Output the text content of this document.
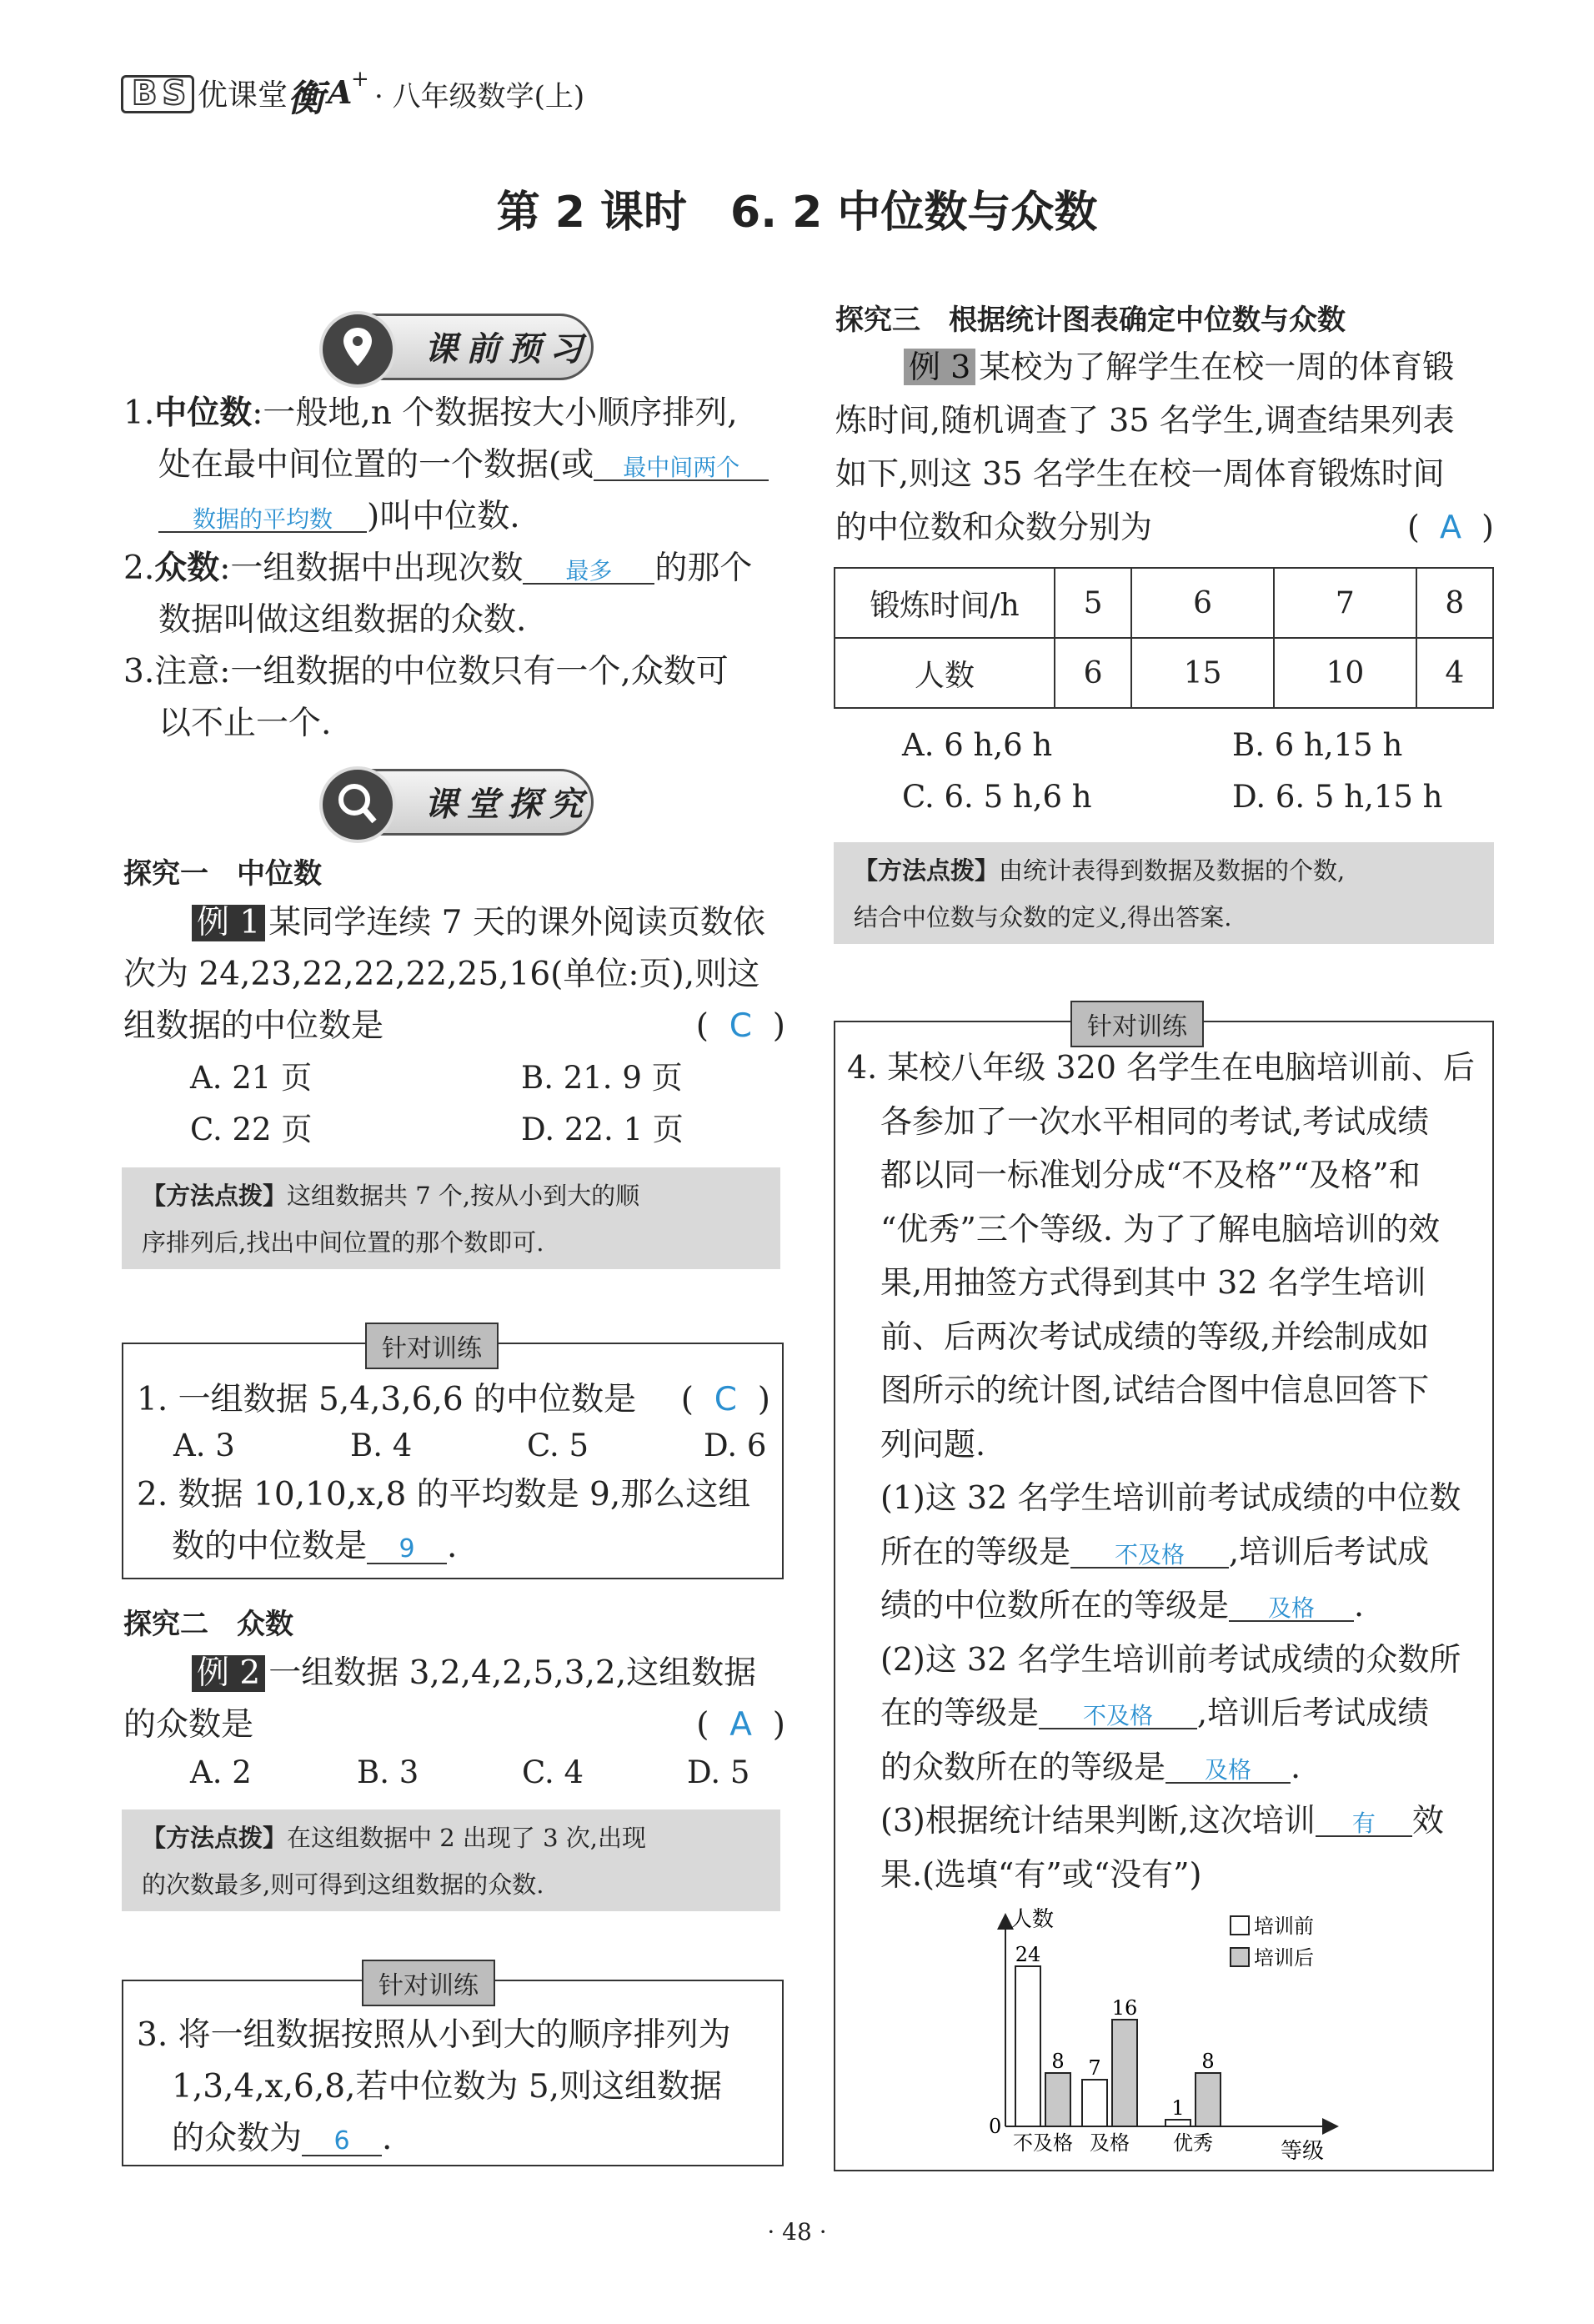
BS 优课堂 衡 A
+
· 八年级数学(上)
第 2 课时　6. 2 中位数与众数
课前预习
1.中位数:一般地,n 个数据按大小顺序排列,
处在最中间位置的一个数据(或 最中间两个
数据的平均数 )叫中位数.
2.众数:一组数据中出现次数 最多 的那个
数据叫做这组数据的众数.
3.注意:一组数据的中位数只有一个,众数可
以不止一个.
课堂探究
探究一　中位数
例 1 某同学连续 7 天的课外阅读页数依
次为 24,23,22,22,22,25,16(单位:页),则这
组数据的中位数是	(  C  )
A. 21 页	B. 21. 9 页
C. 22 页	D. 22. 1 页
【方法点拨】这组数据共 7 个,按从小到大的顺
序排列后,找出中间位置的那个数即可.
针对训练
1. 一组数据 5,4,3,6,6 的中位数是 (  C  )
A. 3	B. 4	C. 5	D. 6
2. 数据 10,10,x,8 的平均数是 9,那么这组
数的中位数是 9 .
探究二　众数
例 2 一组数据 3,2,4,2,5,3,2,这组数据
的众数是	(  A  )
A. 2	B. 3	C. 4	D. 5
【方法点拨】在这组数据中 2 出现了 3 次,出现
的次数最多,则可得到这组数据的众数.
针对训练
3. 将一组数据按照从小到大的顺序排列为
1,3,4,x,6,8,若中位数为 5,则这组数据
的众数为 6 .
探究三　根据统计图表确定中位数与众数
例 3 某校为了解学生在校一周的体育锻
炼时间,随机调查了 35 名学生,调查结果列表
如下,则这 35 名学生在校一周体育锻炼时间
的中位数和众数分别为	(  A  )
锻炼时间/h	5	6	7	8
人数	6	15	10	4
A. 6 h,6 h	B. 6 h,15 h
C. 6. 5 h,6 h	D. 6. 5 h,15 h
【方法点拨】由统计表得到数据及数据的个数,
结合中位数与众数的定义,得出答案.
针对训练
4. 某校八年级 320 名学生在电脑培训前、后
各参加了一次水平相同的考试,考试成绩
都以同一标准划分成“不及格”“及格”和
“优秀”三个等级. 为了了解电脑培训的效
果,用抽签方式得到其中 32 名学生培训
前、后两次考试成绩的等级,并绘制成如
图所示的统计图,试结合图中信息回答下
列问题.
(1)这 32 名学生培训前考试成绩的中位数
所在的等级是 不及格 ,培训后考试成
绩的中位数所在的等级是 及格 .
(2)这 32 名学生培训前考试成绩的众数所
在的等级是 不及格 ,培训后考试成绩
的众数所在的等级是 及格 .
(3)根据统计结果判断,这次培训 有 效
果.(选填“有”或“没有”)
人数
等级
0
24
8
不及格
7
16
及格
1
8
优秀
培训前
培训后
· 48 ·
